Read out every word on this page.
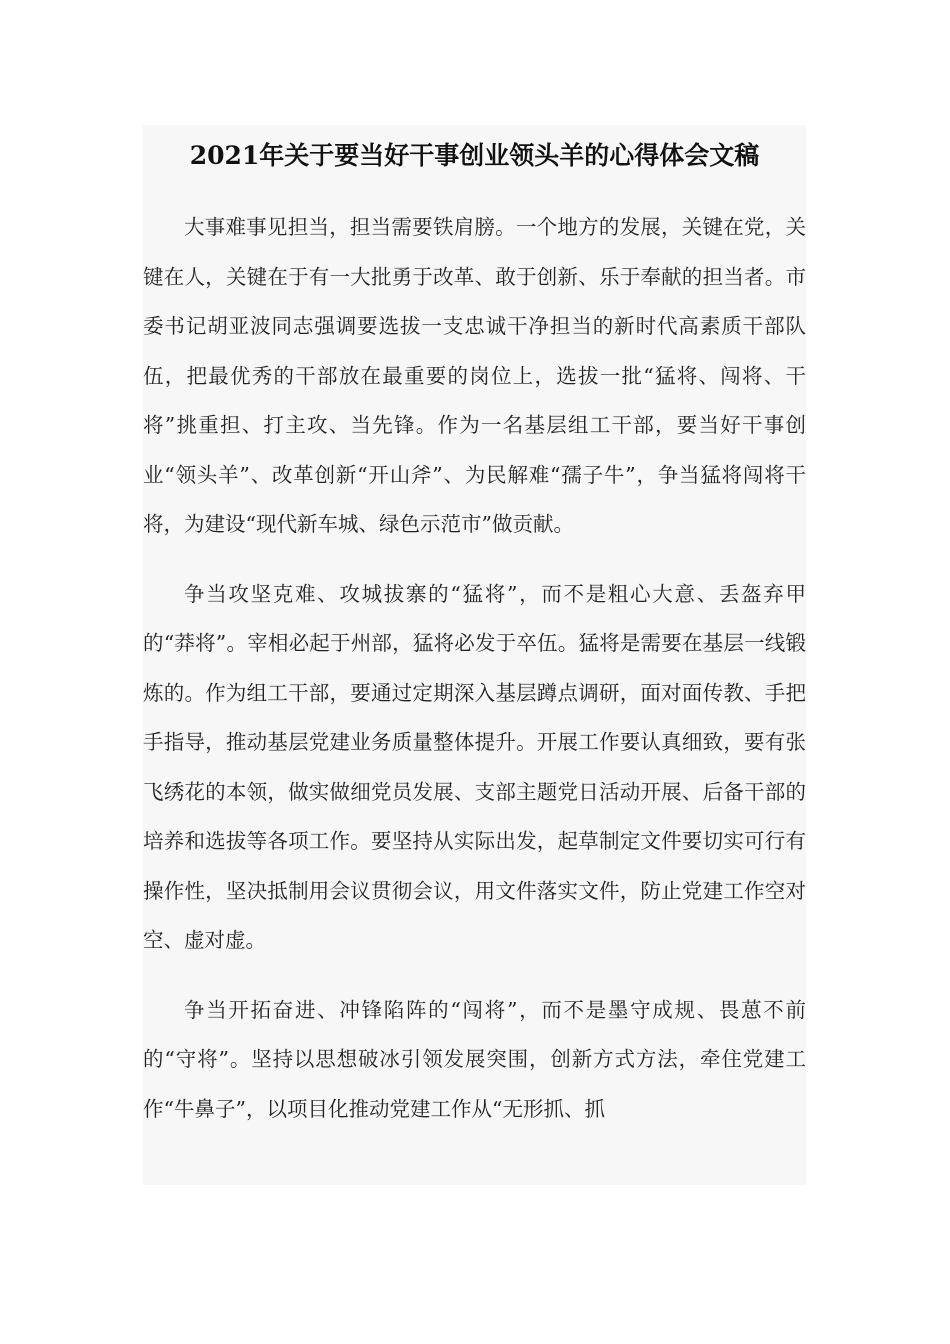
2021年关于要当好干事创业领头羊的心得体会文稿

大事难事见担当，担当需要铁肩膀。一个地方的发展，关键在党，关键在人，关键在于有一大批勇于改革、敢于创新、乐于奉献的担当者。市委书记胡亚波同志强调要选拔一支忠诚干净担当的新时代高素质干部队伍，把最优秀的干部放在最重要的岗位上，选拔一批“猛将、闯将、干将”挑重担、打主攻、当先锋。作为一名基层组工干部，要当好干事创业“领头羊”、改革创新“开山斧”、为民解难“孺子牛”，争当猛将闯将干将，为建设“现代新车城、绿色示范市”做贡献。

争当攻坚克难、攻城拔寨的“猛将”，而不是粗心大意、丢盔弃甲的“莽将”。宰相必起于州部，猛将必发于卒伍。猛将是需要在基层一线锻炼的。作为组工干部，要通过定期深入基层蹲点调研，面对面传教、手把手指导，推动基层党建业务质量整体提升。开展工作要认真细致，要有张飞绣花的本领，做实做细党员发展、支部主题党日活动开展、后备干部的培养和选拔等各项工作。要坚持从实际出发，起草制定文件要切实可行有操作性，坚决抵制用会议贯彻会议，用文件落实文件，防止党建工作空对空、虚对虚。

争当开拓奋进、冲锋陷阵的“闯将”，而不是墨守成规、畏葸不前的“守将”。坚持以思想破冰引领发展突围，创新方式方法，牵住党建工作“牛鼻子”，以项目化推动党建工作从“无形抓、抓
